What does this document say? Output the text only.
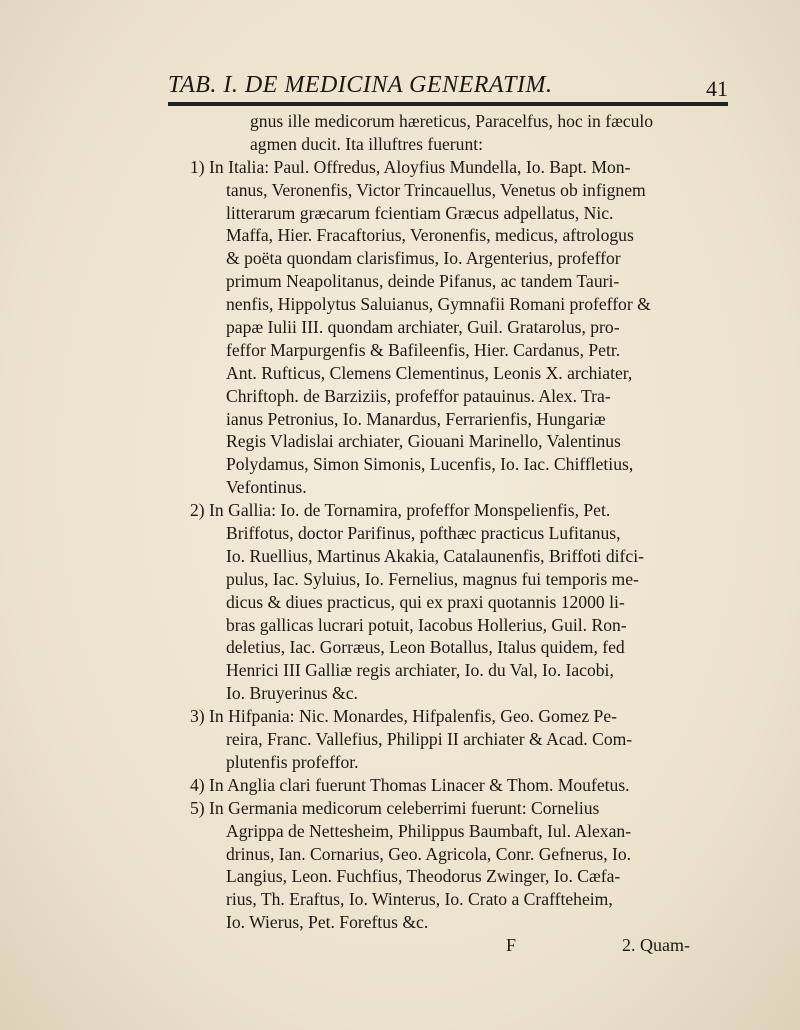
TAB. I. DE MEDICINA GENERATIM.	41
gnus ille medicorum hæreticus, Paracelfus, hoc in fæculo
agmen ducit. Ita illuftres fuerunt:
1) In Italia: Paul. Offredus, Aloyfius Mundella, Io. Bapt. Mon-
tanus, Veronenfis, Victor Trincauellus, Venetus ob infignem
litterarum græcarum fcientiam Græcus adpellatus, Nic.
Maffa, Hier. Fracaftorius, Veronenfis, medicus, aftrologus
& poëta quondam clarisfimus, Io. Argenterius, profeffor
primum Neapolitanus, deinde Pifanus, ac tandem Tauri-
nenfis, Hippolytus Saluianus, Gymnafii Romani profeffor &
papæ Iulii III. quondam archiater, Guil. Gratarolus, pro-
feffor Marpurgenfis & Bafileenfis, Hier. Cardanus, Petr.
Ant. Rufticus, Clemens Clementinus, Leonis X. archiater,
Chriftoph. de Barziziis, profeffor patauinus. Alex. Tra-
ianus Petronius, Io. Manardus, Ferrarienfis, Hungariæ
Regis Vladislai archiater, Giouani Marinello, Valentinus
Polydamus, Simon Simonis, Lucenfis, Io. Iac. Chiffletius,
Vefontinus.
2) In Gallia: Io. de Tornamira, profeffor Monspelienfis, Pet.
Briffotus, doctor Parifinus, pofthæc practicus Lufitanus,
Io. Ruellius, Martinus Akakia, Catalaunenfis, Briffoti difci-
pulus, Iac. Syluius, Io. Fernelius, magnus fui temporis me-
dicus & diues practicus, qui ex praxi quotannis 12000 li-
bras gallicas lucrari potuit, Iacobus Hollerius, Guil. Ron-
deletius, Iac. Gorræus, Leon Botallus, Italus quidem, fed
Henrici III Galliæ regis archiater, Io. du Val, Io. Iacobi,
Io. Bruyerinus &c.
3) In Hifpania: Nic. Monardes, Hifpalenfis, Geo. Gomez Pe-
reira, Franc. Vallefius, Philippi II archiater & Acad. Com-
plutenfis profeffor.
4) In Anglia clari fuerunt Thomas Linacer & Thom. Moufetus.
5) In Germania medicorum celeberrimi fuerunt: Cornelius
Agrippa de Nettesheim, Philippus Baumbaft, Iul. Alexan-
drinus, Ian. Cornarius, Geo. Agricola, Conr. Gefnerus, Io.
Langius, Leon. Fuchfius, Theodorus Zwinger, Io. Cæfa-
rius, Th. Eraftus, Io. Winterus, Io. Crato a Craffteheim,
Io. Wierus, Pet. Foreftus &c.
F	2. Quam-
